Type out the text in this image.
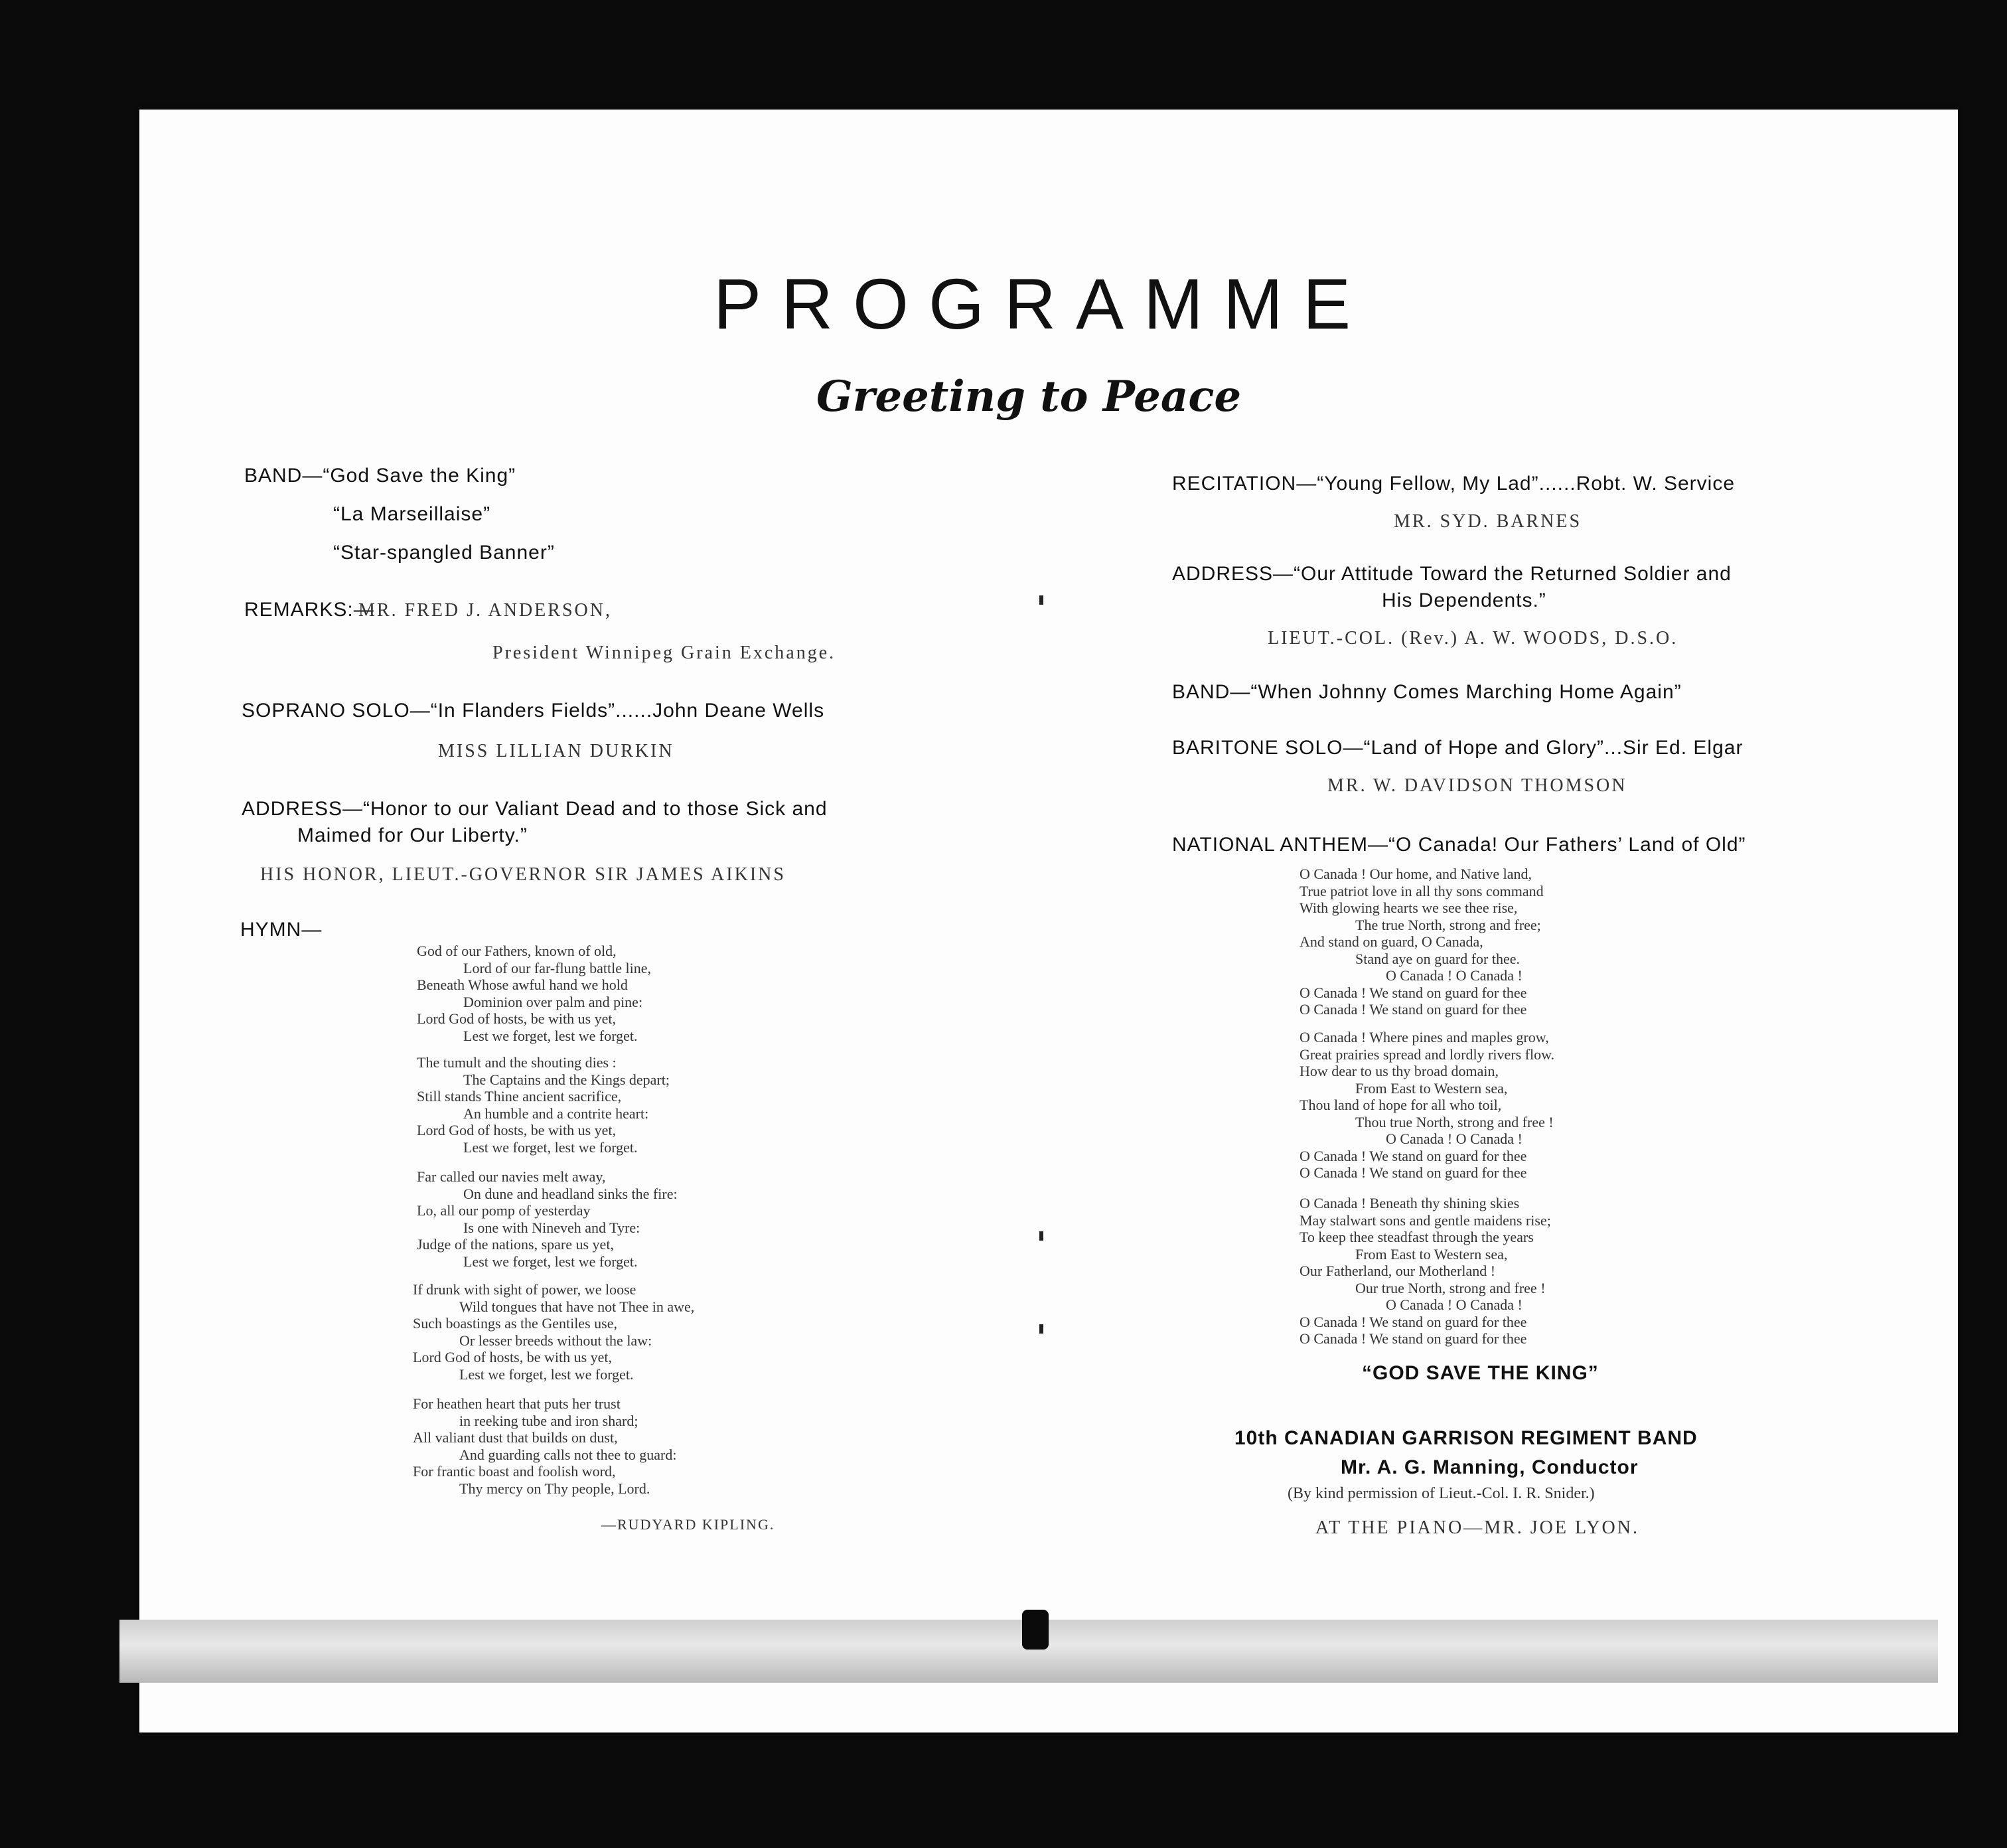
PROGRAMME
Greeting to Peace
BAND—“God Save the King”
“La Marseillaise”
“Star-spangled Banner”
REMARKS:—
MR. FRED J. ANDERSON,
President Winnipeg Grain Exchange.
SOPRANO SOLO—“In Flanders Fields”......John Deane Wells
MISS LILLIAN DURKIN
ADDRESS—“Honor to our Valiant Dead and to those Sick and
Maimed for Our Liberty.”
HIS HONOR, LIEUT.-GOVERNOR SIR JAMES AIKINS
HYMN—
God of our Fathers, known of old,
Lord of our far-flung battle line,
Beneath Whose awful hand we hold
Dominion over palm and pine:
Lord God of hosts, be with us yet,
Lest we forget, lest we forget.
The tumult and the shouting dies :
The Captains and the Kings depart;
Still stands Thine ancient sacrifice,
An humble and a contrite heart:
Lord God of hosts, be with us yet,
Lest we forget, lest we forget.
Far called our navies melt away,
On dune and headland sinks the fire:
Lo, all our pomp of yesterday
Is one with Nineveh and Tyre:
Judge of the nations, spare us yet,
Lest we forget, lest we forget.
If drunk with sight of power, we loose
Wild tongues that have not Thee in awe,
Such boastings as the Gentiles use,
Or lesser breeds without the law:
Lord God of hosts, be with us yet,
Lest we forget, lest we forget.
For heathen heart that puts her trust
in reeking tube and iron shard;
All valiant dust that builds on dust,
And guarding calls not thee to guard:
For frantic boast and foolish word,
Thy mercy on Thy people, Lord.
—RUDYARD KIPLING.
RECITATION—“Young Fellow, My Lad”......Robt. W. Service
MR. SYD. BARNES
ADDRESS—“Our Attitude Toward the Returned Soldier and
His Dependents.”
LIEUT.-COL. (Rev.) A. W. WOODS, D.S.O.
BAND—“When Johnny Comes Marching Home Again”
BARITONE SOLO—“Land of Hope and Glory”...Sir Ed. Elgar
MR. W. DAVIDSON THOMSON
NATIONAL ANTHEM—“O Canada! Our Fathers’ Land of Old”
O Canada ! Our home, and Native land,
True patriot love in all thy sons command
With glowing hearts we see thee rise,
The true North, strong and free;
And stand on guard, O Canada,
Stand aye on guard for thee.
O Canada ! O Canada !
O Canada ! We stand on guard for thee
O Canada ! We stand on guard for thee
O Canada ! Where pines and maples grow,
Great prairies spread and lordly rivers flow.
How dear to us thy broad domain,
From East to Western sea,
Thou land of hope for all who toil,
Thou true North, strong and free !
O Canada ! O Canada !
O Canada ! We stand on guard for thee
O Canada ! We stand on guard for thee
O Canada ! Beneath thy shining skies
May stalwart sons and gentle maidens rise;
To keep thee steadfast through the years
From East to Western sea,
Our Fatherland, our Motherland !
Our true North, strong and free !
O Canada ! O Canada !
O Canada ! We stand on guard for thee
O Canada ! We stand on guard for thee
“GOD SAVE THE KING”
10th CANADIAN GARRISON REGIMENT BAND
Mr. A. G. Manning, Conductor
(By kind permission of Lieut.-Col. I. R. Snider.)
AT THE PIANO—MR. JOE LYON.
